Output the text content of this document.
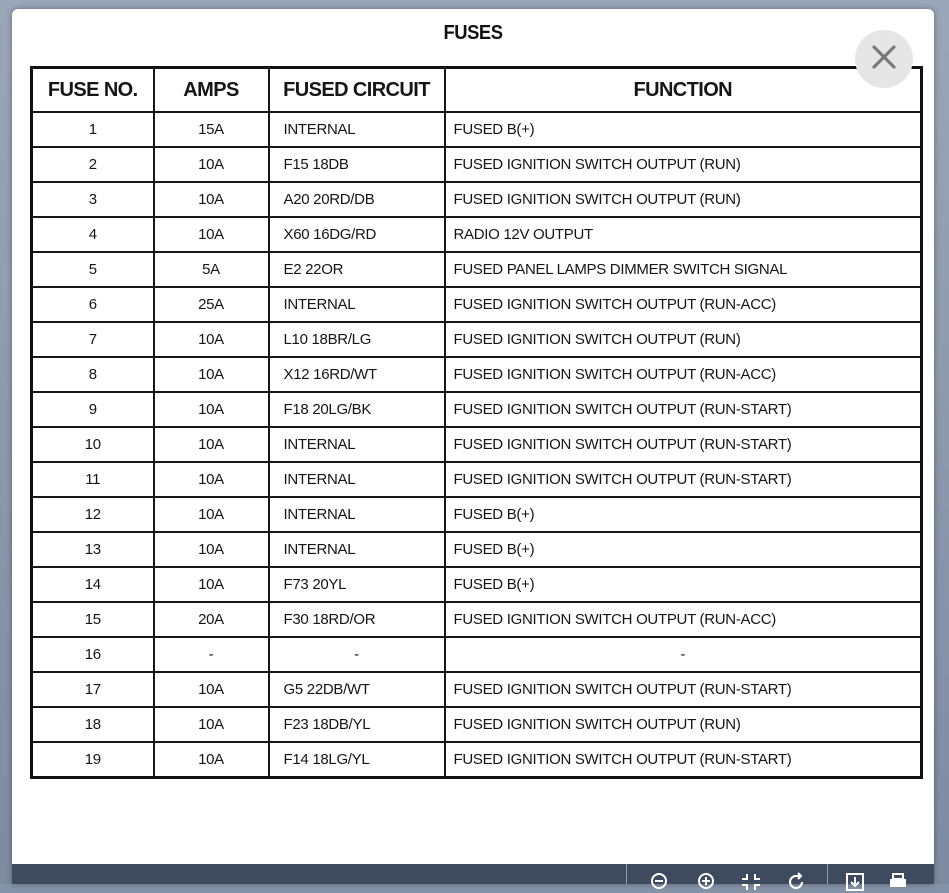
FUSES
FUSE NO.	AMPS	FUSED CIRCUIT	FUNCTION
1	15A	INTERNAL	FUSED B(+)
2	10A	F15 18DB	FUSED IGNITION SWITCH OUTPUT (RUN)
3	10A	A20 20RD/DB	FUSED IGNITION SWITCH OUTPUT (RUN)
4	10A	X60 16DG/RD	RADIO 12V OUTPUT
5	5A	E2 22OR	FUSED PANEL LAMPS DIMMER SWITCH SIGNAL
6	25A	INTERNAL	FUSED IGNITION SWITCH OUTPUT (RUN-ACC)
7	10A	L10 18BR/LG	FUSED IGNITION SWITCH OUTPUT (RUN)
8	10A	X12 16RD/WT	FUSED IGNITION SWITCH OUTPUT (RUN-ACC)
9	10A	F18 20LG/BK	FUSED IGNITION SWITCH OUTPUT (RUN-START)
10	10A	INTERNAL	FUSED IGNITION SWITCH OUTPUT (RUN-START)
11	10A	INTERNAL	FUSED IGNITION SWITCH OUTPUT (RUN-START)
12	10A	INTERNAL	FUSED B(+)
13	10A	INTERNAL	FUSED B(+)
14	10A	F73 20YL	FUSED B(+)
15	20A	F30 18RD/OR	FUSED IGNITION SWITCH OUTPUT (RUN-ACC)
16	-	-	-
17	10A	G5 22DB/WT	FUSED IGNITION SWITCH OUTPUT (RUN-START)
18	10A	F23 18DB/YL	FUSED IGNITION SWITCH OUTPUT (RUN)
19	10A	F14 18LG/YL	FUSED IGNITION SWITCH OUTPUT (RUN-START)
